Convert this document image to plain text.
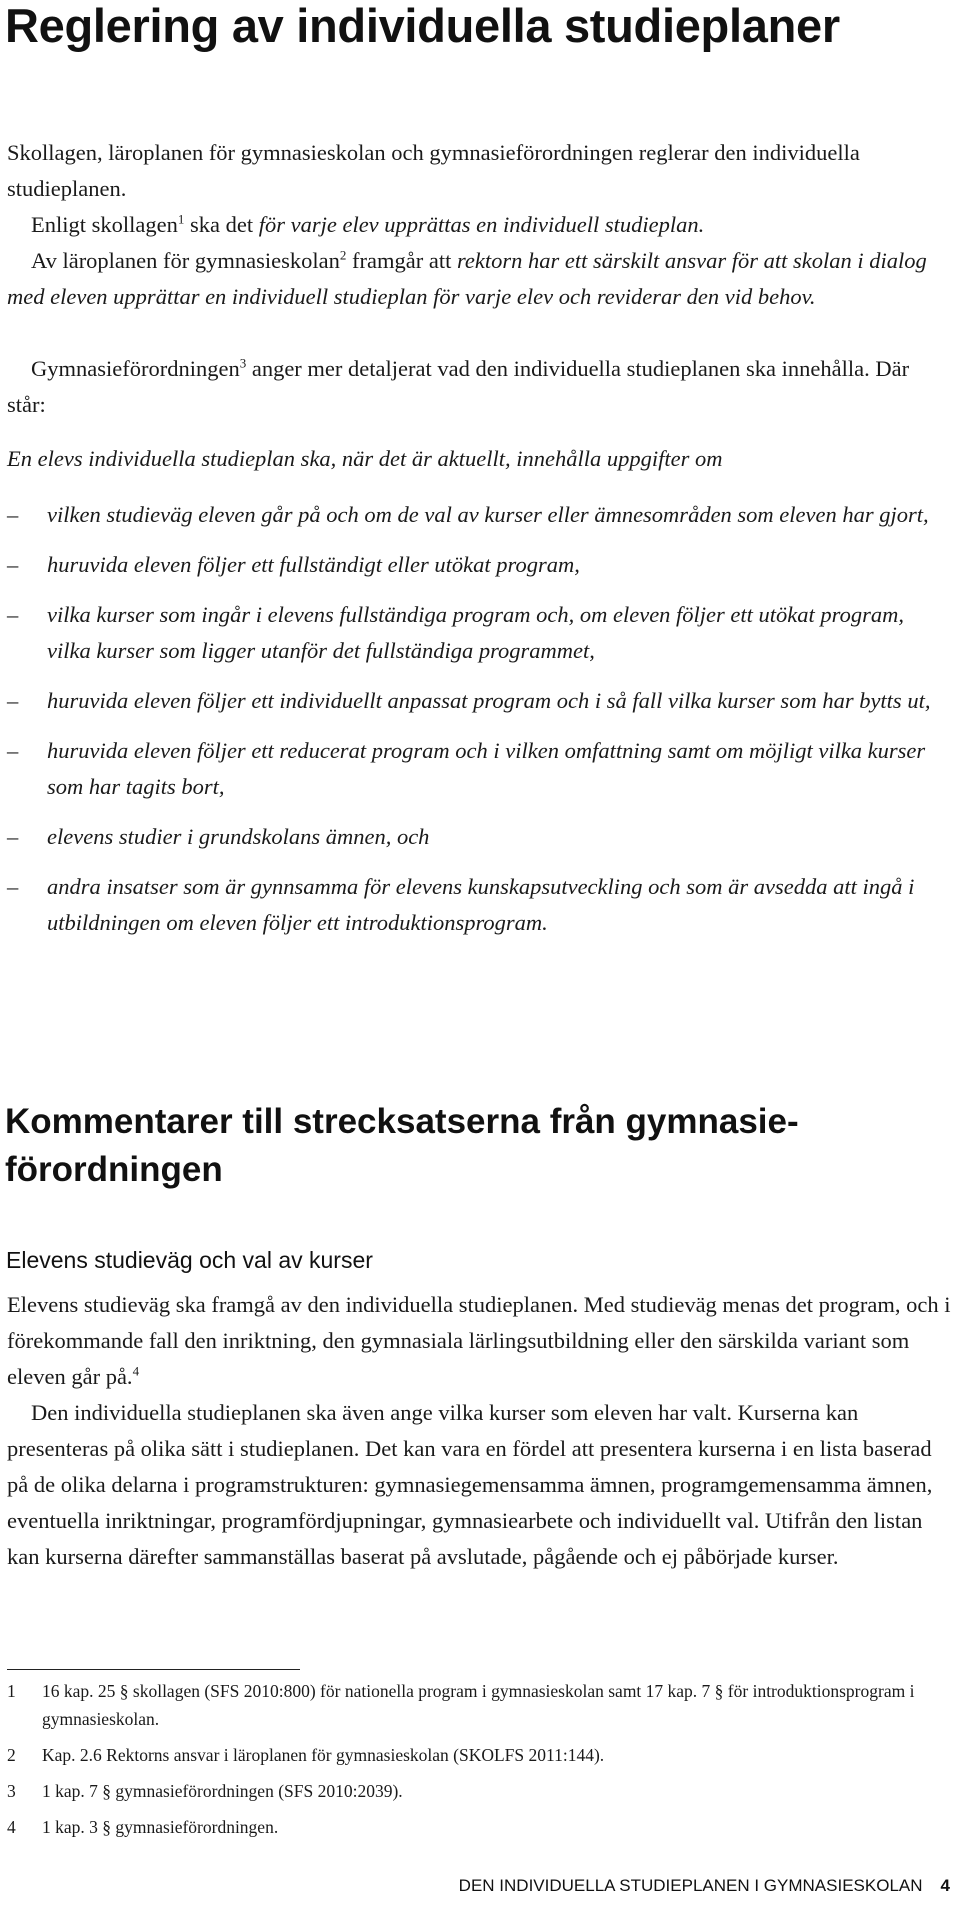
Reglering av individuella studieplaner

Skollagen, läroplanen för gymnasieskolan och gymnasieförordningen reglerar den individuella studieplanen.

Enligt skollagen$^1$ ska det för varje elev upprättas en individuell studieplan.

Av läroplanen för gymnasieskolan$^2$ framgår att rektorn har ett särskilt ansvar för att skolan i dialog med eleven upprättar en individuell studieplan för varje elev och reviderar den vid behov.

Gymnasieförordningen$^3$ anger mer detaljerat vad den individuella studieplanen ska innehålla. Där står:

En elevs individuella studieplan ska, när det är aktuellt, innehålla uppgifter om

– vilken studieväg eleven går på och om de val av kurser eller ämnesområden som eleven har gjort,
– huruvida eleven följer ett fullständigt eller utökat program,
– vilka kurser som ingår i elevens fullständiga program och, om eleven följer ett utökat program, vilka kurser som ligger utanför det fullständiga programmet,
– huruvida eleven följer ett individuellt anpassat program och i så fall vilka kurser som har bytts ut,
– huruvida eleven följer ett reducerat program och i vilken omfattning samt om möjligt vilka kurser som har tagits bort,
– elevens studier i grundskolans ämnen, och
– andra insatser som är gynnsamma för elevens kunskapsutveckling och som är avsedda att ingå i utbildningen om eleven följer ett introduktionsprogram.
Kommentarer till strecksatserna från gymnasie-
förordningen
Elevens studieväg och val av kurser

Elevens studieväg ska framgå av den individuella studieplanen. Med studieväg menas det program, och i förekommande fall den inriktning, den gymnasiala lärlingsutbildning eller den särskilda variant som eleven går på.$^4$

Den individuella studieplanen ska även ange vilka kurser som eleven har valt. Kurserna kan presenteras på olika sätt i studieplanen. Det kan vara en fördel att presentera kurserna i en lista baserad på de olika delarna i programstrukturen: gymnasiegemensamma ämnen, programgemensamma ämnen, eventuella inriktningar, programfördjupningar, gymnasiearbete och individuellt val. Utifrån den listan kan kurserna därefter sammanställas baserat på avslutade, pågående och ej påbörjade kurser.

1 16 kap. 25 § skollagen (SFS 2010:800) för nationella program i gymnasieskolan samt 17 kap. 7 § för introduktionsprogram i gymnasieskolan.
2 Kap. 2.6 Rektorns ansvar i läroplanen för gymnasieskolan (SKOLFS 2011:144).
3 1 kap. 7 § gymnasieförordningen (SFS 2010:2039).
4 1 kap. 3 § gymnasieförordningen.
DEN INDIVIDUELLA STUDIEPLANEN I GYMNASIESKOLAN 4
